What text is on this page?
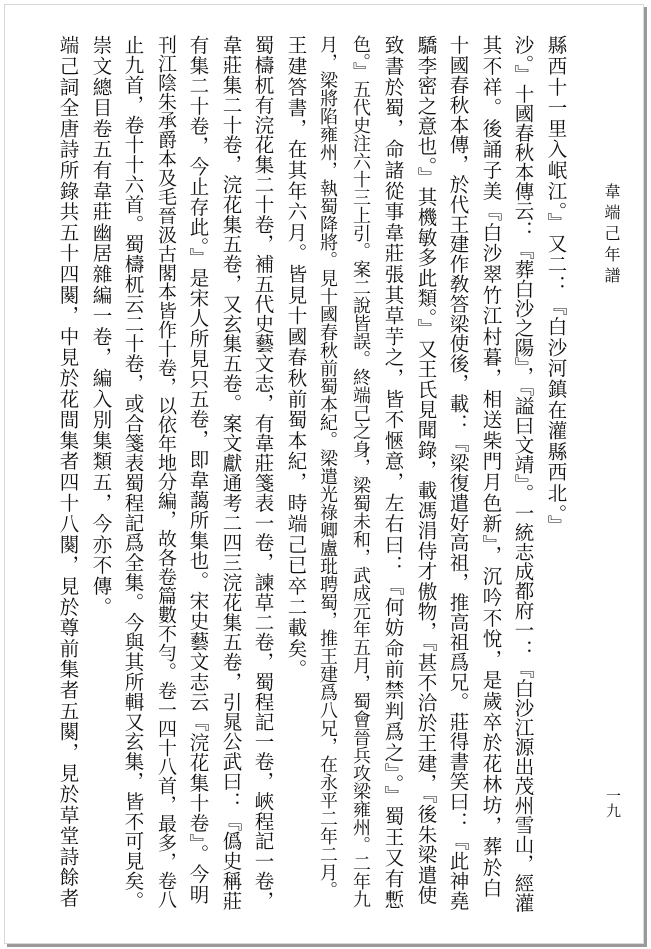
韋端己年譜
一九
縣西十一里入岷江。』又二：『白沙河鎮在灌縣西北。』
沙。』十國春秋本傳云：『葬白沙之陽』，『謚曰文靖』。一統志成都府一：『白沙江源出茂州雪山，經灌
其不祥。後誦子美『白沙翠竹江村暮，相送柴門月色新』，沉吟不悅，是歲卒於花林坊，葬於白
十國春秋本傳，於代王建作敎答梁使後，載：『梁復遣好高祖，推高祖爲兄。莊得書笑曰：『此神堯
驕李密之意也。』其機敏多此類。』又王氏見聞錄，載馮涓侍才傲物，『甚不洽於王建，『後朱梁遣使
致書於蜀，命諸從事韋莊張其草芋之，皆不愜意，左右曰：『何妨命前禁判爲之』。』蜀王又有慙
色。』五代史注六十三上引。案二說皆誤。終端己之身，梁蜀未和，武成元年五月，蜀會晉兵攻梁雍州。二年九
月，梁將陷雍州，執蜀降將。見十國春秋前蜀本紀。梁遣光祿卿盧玭聘蜀，推王建爲八兄，在永平二年二月。
王建答書，在其年六月。皆見十國春秋前蜀本紀，時端己已卒二載矣。
蜀檮杌有浣花集二十卷，補五代史藝文志，有韋莊箋表一卷，諫草二卷，蜀程記一卷，峽程記一卷，
韋莊集二十卷，浣花集五卷，又玄集五卷。案文獻通考二四三浣花集五卷，引晁公武曰：『僞史稱莊
有集二十卷，今止存此。』是宋人所見只五卷，即韋藹所集也。宋史藝文志云『浣花集十卷』。今明
刊江陰朱承爵本及毛晉汲古閣本皆作十卷，以依年地分編，故各卷篇數不勻。卷一四十八首，最多，卷八
止九首，卷十十六首。蜀檮杌云二十卷，或合箋表蜀程記爲全集。今與其所輯又玄集，皆不可見矣。
崇文總目卷五有韋莊幽居雜編一卷，編入別集類五，今亦不傳。
端己詞全唐詩所錄共五十四闋，中見於花間集者四十八闋，見於尊前集者五闋，見於草堂詩餘者
